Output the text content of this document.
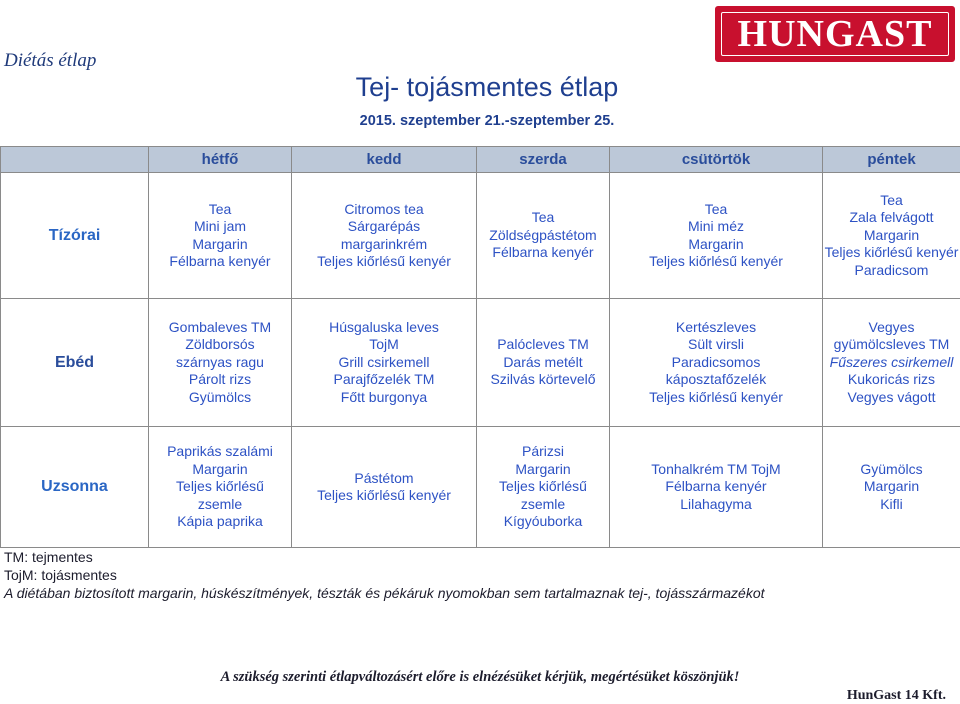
Diétás étlap
HUNGAST
Tej- tojásmentes étlap
2015. szeptember 21.-szeptember 25.
	hétfő	kedd	szerda	csütörtök	péntek
Tízórai	Tea
Mini jam
Margarin
Félbarna kenyér	Citromos tea
Sárgarépás
margarinkrém
Teljes kiőrlésű kenyér	Tea
Zöldségpástétom
Félbarna kenyér	Tea
Mini méz
Margarin
Teljes kiőrlésű kenyér	Tea
Zala felvágott
Margarin
Teljes kiőrlésű kenyér
Paradicsom

Ebéd	Gombaleves TM
Zöldborsós
szárnyas ragu
Párolt rizs
Gyümölcs	Húsgaluska leves
TojM
Grill csirkemell
Parajfőzelék TM
Főtt burgonya	Palócleves TM
Darás metélt
Szilvás körtevelő	Kertészleves
Sült virsli
Paradicsomos
káposztafőzelék
Teljes kiőrlésű kenyér	Vegyes
gyümölcsleves TM
Fűszeres csirkemell
Kukoricás rizs
Vegyes vágott

Uzsonna	Paprikás szalámi
Margarin
Teljes kiőrlésű
zsemle
Kápia paprika	Pástétom
Teljes kiőrlésű kenyér	Párizsi
Margarin
Teljes kiőrlésű
zsemle
Kígyóuborka	Tonhalkrém TM TojM
Félbarna kenyér
Lilahagyma	Gyümölcs
Margarin
Kifli
TM: tejmentes
TojM: tojásmentes
A diétában biztosított margarin, húskészítmények, tészták és pékáruk nyomokban sem tartalmaznak tej-, tojásszármazékot
A szükség szerinti étlapváltozásért előre is elnézésüket kérjük, megértésüket köszönjük!
HunGast 14 Kft.
